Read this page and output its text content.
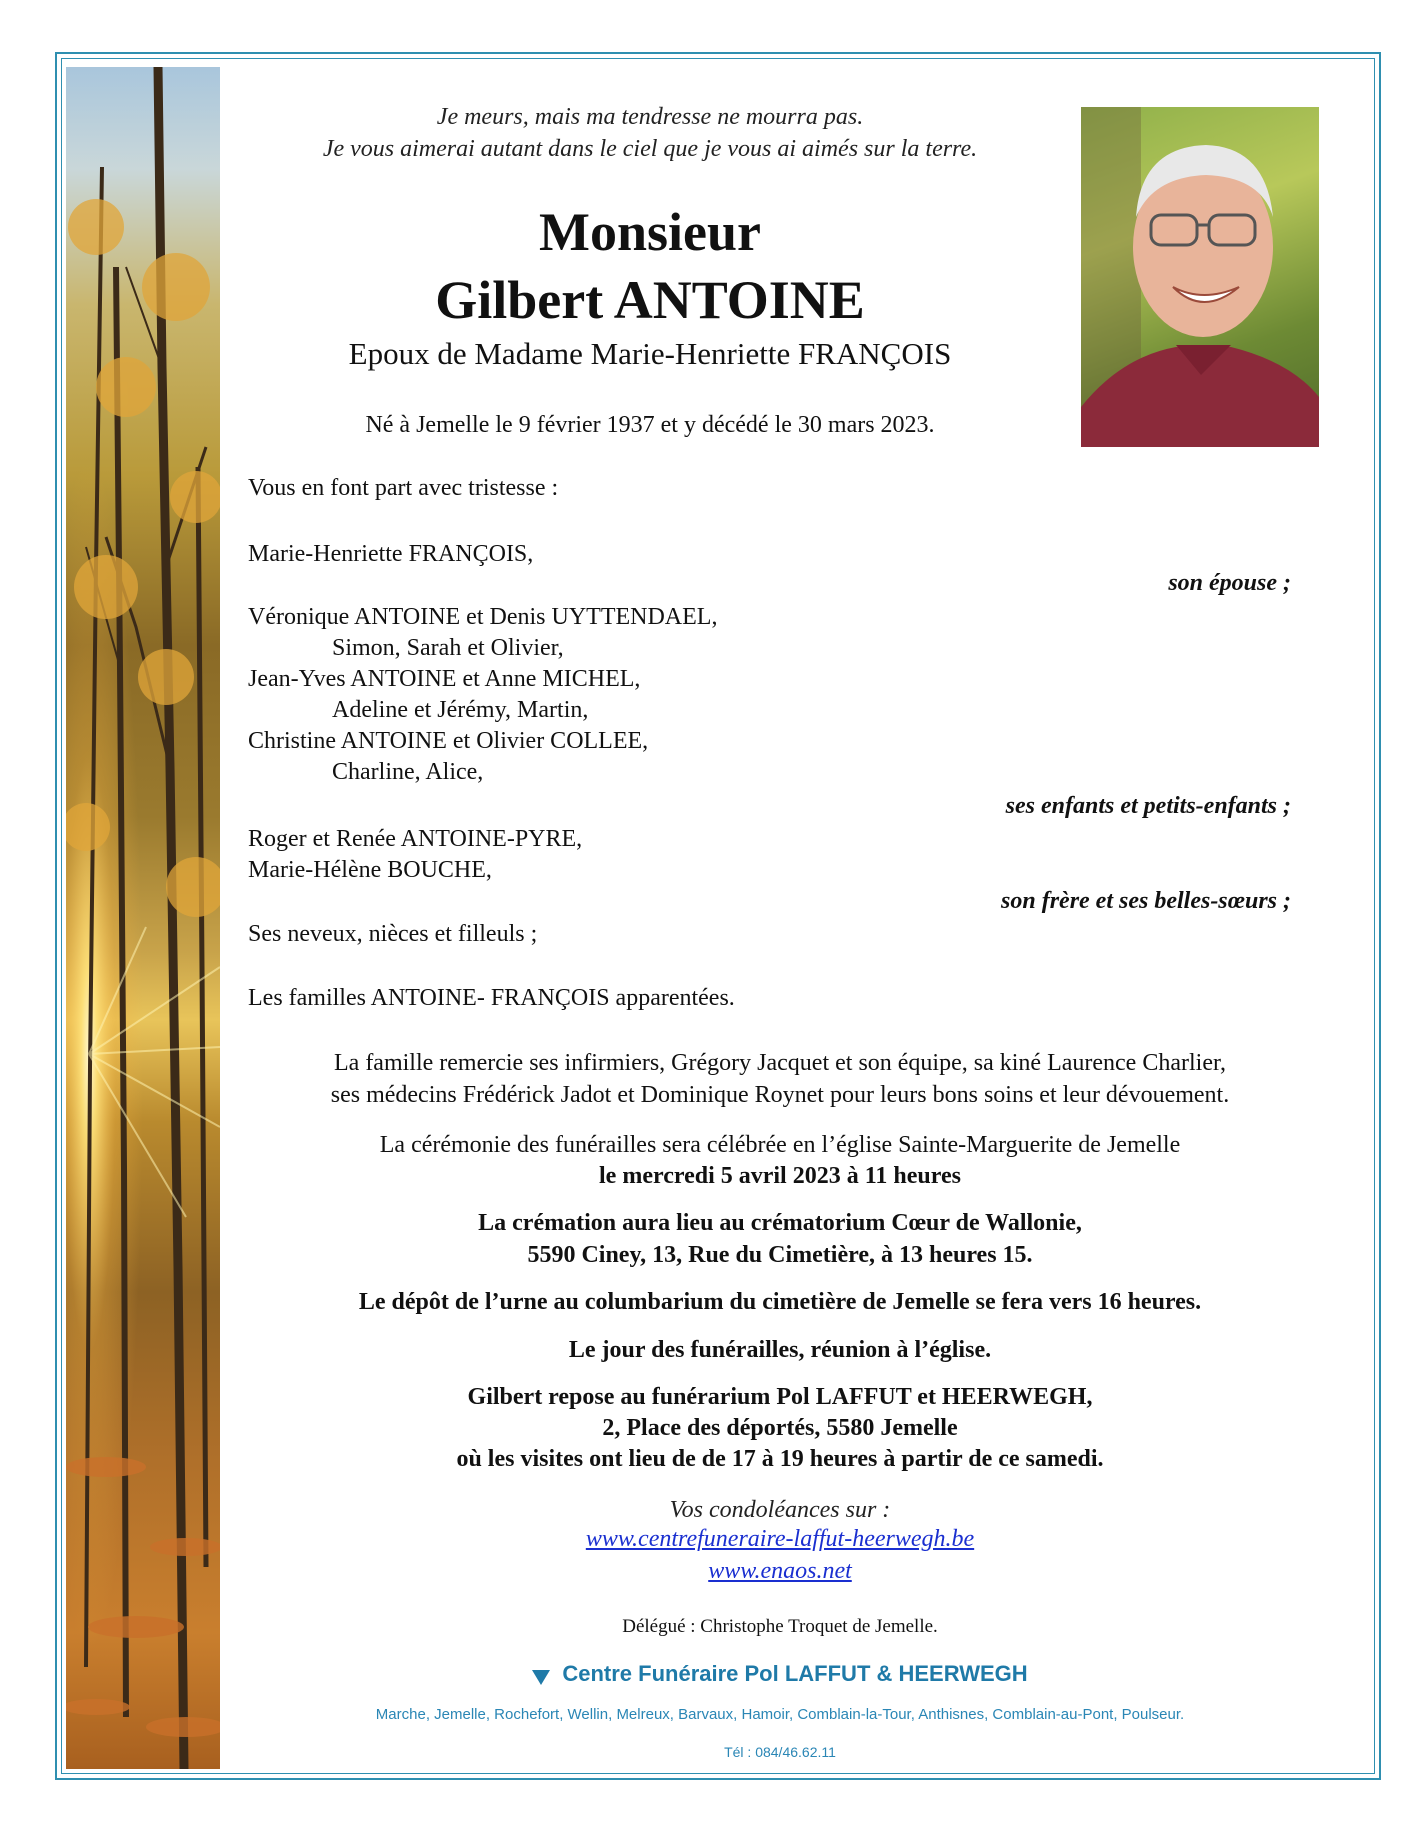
Je meurs, mais ma tendresse ne mourra pas.

Je vous aimerai autant dans le ciel que je vous ai aimés sur la terre.

Monsieur

Gilbert ANTOINE

Epoux de Madame Marie-Henriette FRANÇOIS

Né à Jemelle le 9 février 1937 et y décédé le 30 mars 2023.

Vous en font part avec tristesse :

Marie-Henriette FRANÇOIS,

son épouse ;

Véronique ANTOINE et Denis UYTTENDAEL,

Simon, Sarah et Olivier,

Jean-Yves ANTOINE et Anne MICHEL,

Adeline et Jérémy, Martin,

Christine ANTOINE et Olivier COLLEE,

Charline, Alice,

ses enfants et petits-enfants ;

Roger et Renée ANTOINE-PYRE,

Marie-Hélène BOUCHE,

son frère et ses belles-sœurs ;

Ses neveux, nièces et filleuls ;

Les familles ANTOINE- FRANÇOIS apparentées.

La famille remercie ses infirmiers, Grégory Jacquet et son équipe, sa kiné Laurence Charlier,

ses médecins Frédérick Jadot et Dominique Roynet pour leurs bons soins et leur dévouement.

La cérémonie des funérailles sera célébrée en l’église Sainte-Marguerite de Jemelle

le mercredi 5 avril 2023 à 11 heures

La crémation aura lieu au crématorium Cœur de Wallonie,

5590 Ciney, 13, Rue du Cimetière, à 13 heures 15.

Le dépôt de l’urne au columbarium du cimetière de Jemelle se fera vers 16 heures.

Le jour des funérailles, réunion à l’église.

Gilbert repose au funérarium Pol LAFFUT et HEERWEGH,

2, Place des déportés, 5580 Jemelle

où les visites ont lieu de de 17 à 19 heures à partir de ce samedi.

Vos condoléances sur :

www.centrefuneraire-laffut-heerwegh.be
www.enaos.net

Délégué : Christophe Troquet de Jemelle.

Centre Funéraire Pol LAFFUT & HEERWEGH

Marche, Jemelle, Rochefort, Wellin, Melreux, Barvaux, Hamoir, Comblain-la-Tour, Anthisnes, Comblain-au-Pont, Poulseur.

Tél : 084/46.62.11
